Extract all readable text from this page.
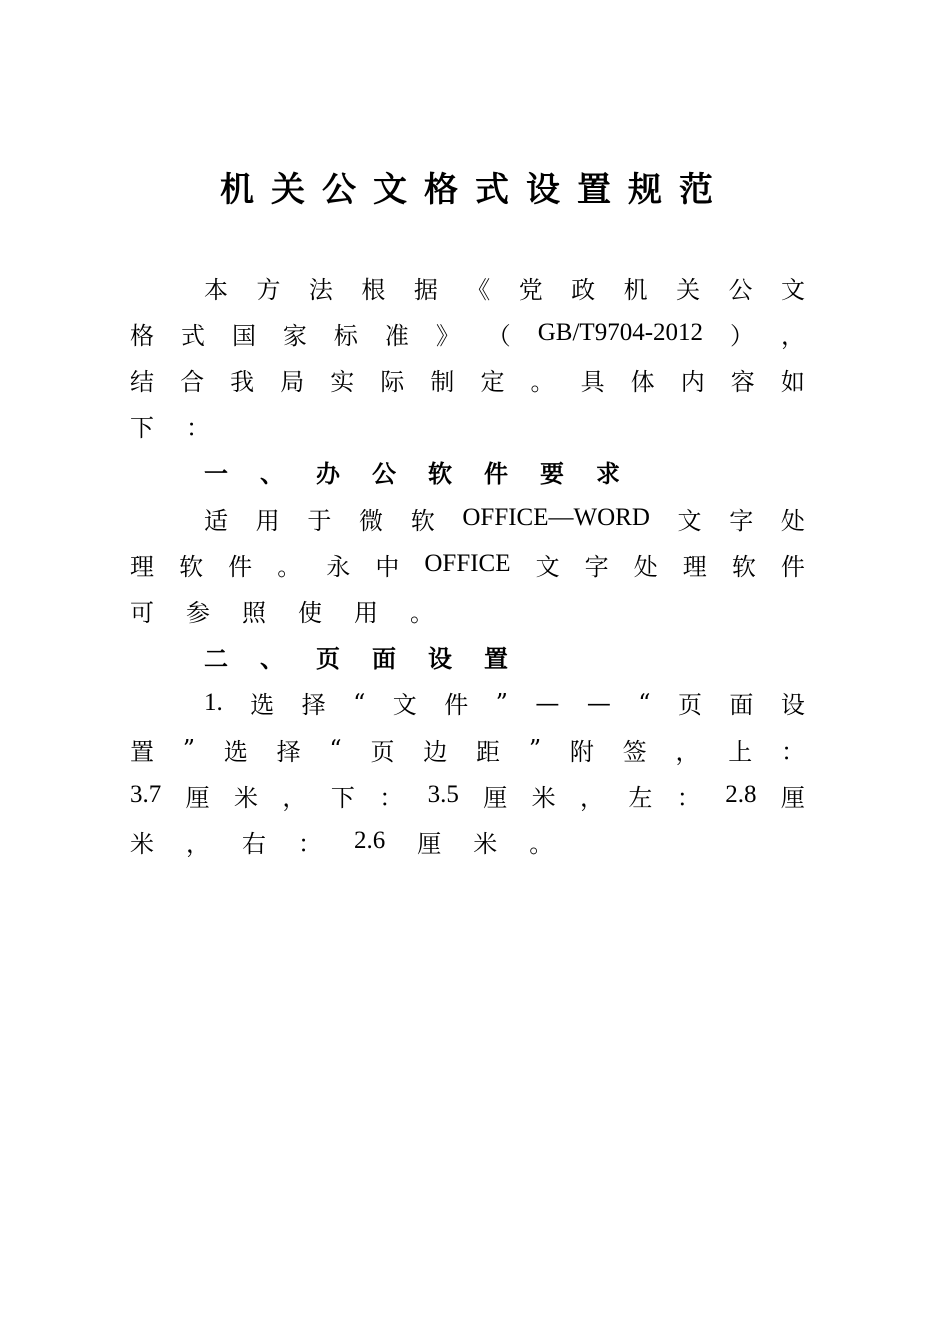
机关公文格式设置规范
本 方 法 根 据 《 党 政 机 关 公 文
格 式 国 家 标 准 》 （ GB/T9704-2012 ） ，
结 合 我 局 实 际 制 定 。 具 体 内 容 如
下 ：
一 、 办 公 软 件 要 求
适 用 于 微 软 OFFICE—WORD 文 字 处
理 软 件 。 永 中 OFFICE 文 字 处 理 软 件
可 参 照 使 用 。
二 、 页 面 设 置
1. 选 择 “ 文 件 ” — — “ 页 面 设
置 ” 选 择 “ 页 边 距 ” 附 签 ， 上 ：
3.7 厘 米 ， 下 ： 3.5 厘 米 ， 左 ： 2.8 厘
米 ， 右 ： 2.6 厘 米 。
